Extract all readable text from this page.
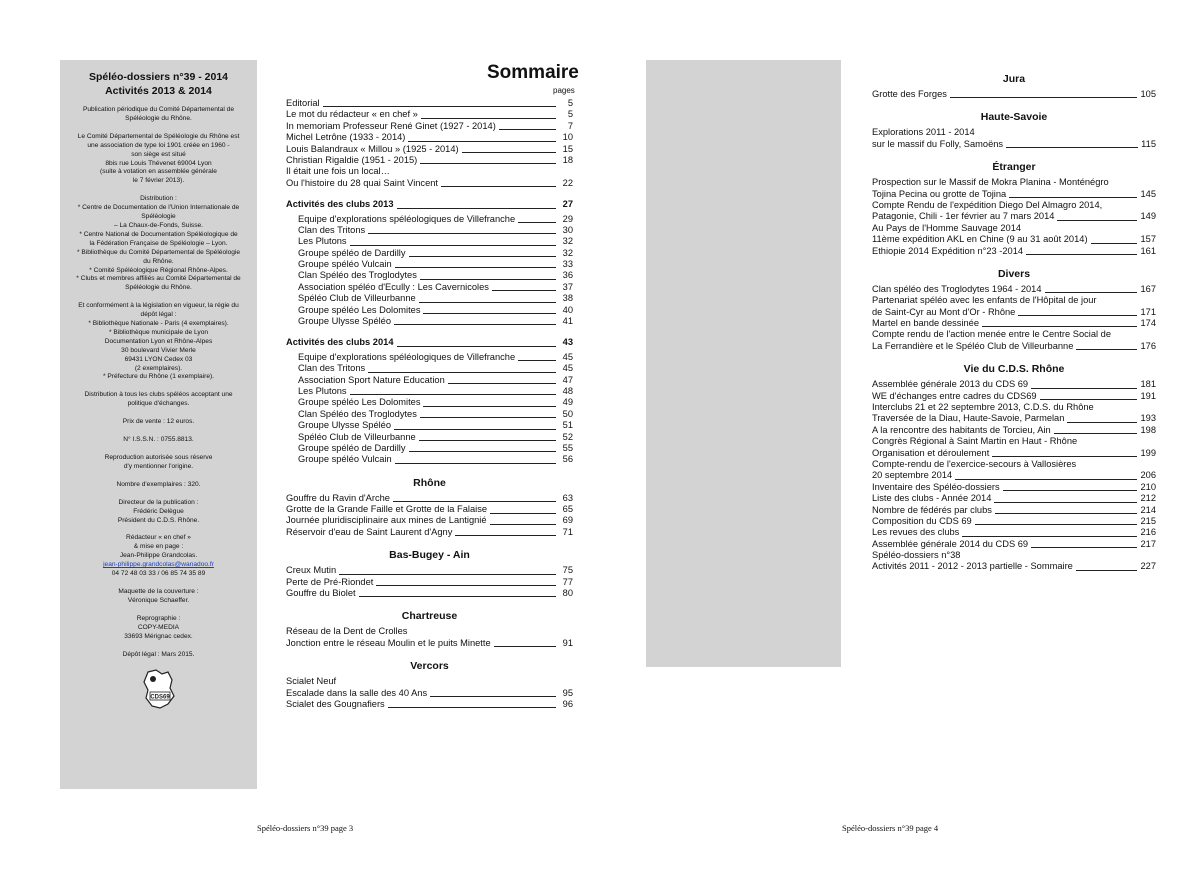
Spéléo-dossiers n°39 - 2014
Activités 2013 & 2014
Publication périodique du Comité Départemental de
Spéléologie du Rhône.
Le Comité Départemental de Spéléologie du Rhône est
une association de type loi 1901 créée en 1960 -
son siège est situé
8bis rue Louis Thévenet 69004 Lyon
(suite à votation en assemblée générale
le 7 février 2013).
Distribution :
* Centre de Documentation de l'Union Internationale de
Spéléologie
– La Chaux-de-Fonds, Suisse.
* Centre National de Documentation Spéléologique de
la Fédération Française de Spéléologie – Lyon.
* Bibliothèque du Comité Départemental de Spéléologie
du Rhône.
* Comité Spéléologique Régional Rhône-Alpes.
* Clubs et membres affiliés au Comité Départemental de
Spéléologie du Rhône.
Et conformément à la législation en vigueur, la régie du
dépôt légal :
* Bibliothèque Nationale - Paris (4 exemplaires).
* Bibliothèque municipale de Lyon
Documentation Lyon et Rhône-Alpes
30 boulevard Vivier Merle
69431 LYON Cedex 03
(2 exemplaires).
* Préfecture du Rhône (1 exemplaire).
Distribution à tous les clubs spéléos acceptant une
politique d'échanges.
Prix de vente : 12 euros.
N° I.S.S.N. : 0755.8813.
Reproduction autorisée sous réserve
d'y mentionner l'origine.
Nombre d'exemplaires : 320.
Directeur de la publication :
Frédéric Delègue
Président du C.D.S. Rhône.
Rédacteur « en chef »
& mise en page :
Jean-Philippe Grandcolas.
jean-philippe.grandcolas@wanadoo.fr
04 72 48 03 33 / 06 85 74 35 89
Maquette de la couverture :
Véronique Schaeffer.
Reprographie :
COPY-MEDIA
33693 Mérignac cedex.
Dépôt légal : Mars 2015.
CDS69
Sommaire
pages
Editorial	5
Le mot du rédacteur « en chef »	5
In memoriam Professeur René Ginet (1927 - 2014)	7
Michel Letrône (1933 - 2014)	10
Louis Balandraux « Millou » (1925 - 2014)	15
Christian Rigaldie (1951 - 2015)	18
Il était une fois un local…
Ou l'histoire du 28 quai Saint Vincent	22
Activités des clubs 2013	27
Equipe d'explorations spéléologiques de Villefranche	29
Clan des Tritons	30
Les Plutons	32
Groupe spéléo de Dardilly	32
Groupe spéléo Vulcain	33
Clan Spéléo des Troglodytes	36
Association spéléo d'Ecully : Les Cavernicoles	37
Spéléo Club de Villeurbanne	38
Groupe spéléo Les Dolomites	40
Groupe Ulysse Spéléo	41
Activités des clubs 2014	43
Equipe d'explorations spéléologiques de Villefranche	45
Clan des Tritons	45
Association Sport Nature Education	47
Les Plutons	48
Groupe spéléo Les Dolomites	49
Clan Spéléo des Troglodytes	50
Groupe Ulysse Spéléo	51
Spéléo Club de Villeurbanne	52
Groupe spéléo de Dardilly	55
Groupe spéléo Vulcain	56
Rhône
Gouffre du Ravin d'Arche	63
Grotte de la Grande Faille et Grotte de la Falaise	65
Journée pluridisciplinaire aux mines de Lantignié	69
Réservoir d'eau de Saint Laurent d'Agny	71
Bas-Bugey - Ain
Creux Mutin	75
Perte de Pré-Riondet	77
Gouffre du Biolet	80
Chartreuse
Réseau de la Dent de Crolles
Jonction entre le réseau Moulin et le puits Minette	91
Vercors
Scialet Neuf
Escalade dans la salle des 40 Ans	95
Scialet des Gougnafiers	96
Jura
Grotte des Forges	105
Haute-Savoie
Explorations 2011 - 2014
sur le massif du Folly, Samoëns	115
Étranger
Prospection sur le Massif de Mokra Planina - Monténégro
Tojina Pecina ou grotte de Tojina	145
Compte Rendu de l'expédition Diego Del Almagro 2014,
Patagonie, Chili - 1er février au 7 mars 2014	149
Au Pays de l'Homme Sauvage 2014
11ème expédition AKL en Chine (9 au 31 août 2014)	157
Ethiopie 2014 Expédition n°23 -2014	161
Divers
Clan spéléo des Troglodytes 1964 - 2014	167
Partenariat spéléo avec les enfants de l'Hôpital de jour
de Saint-Cyr au Mont d'Or - Rhône	171
Martel en bande dessinée	174
Compte rendu de l'action menée entre le Centre Social de
La Ferrandière et le Spéléo Club de Villeurbanne	176
Vie du C.D.S. Rhône
Assemblée générale 2013 du CDS 69	181
WE d'échanges entre cadres du CDS69	191
Interclubs 21 et 22 septembre 2013, C.D.S. du Rhône
Traversée de la Diau, Haute-Savoie, Parmelan	193
A la rencontre des habitants de Torcieu, Ain	198
Congrès Régional à Saint Martin en Haut - Rhône
Organisation et déroulement	199
Compte-rendu de l'exercice-secours à Vallosières
20 septembre 2014	206
Inventaire des Spéléo-dossiers	210
Liste des clubs - Année 2014	212
Nombre de fédérés par clubs	214
Composition du CDS 69	215
Les revues des clubs	216
Assemblée générale 2014 du CDS 69	217
Spéléo-dossiers n°38
Activités 2011 - 2012 - 2013 partielle - Sommaire	227
Spéléo-dossiers n°39 page 3	Spéléo-dossiers n°39 page 4
